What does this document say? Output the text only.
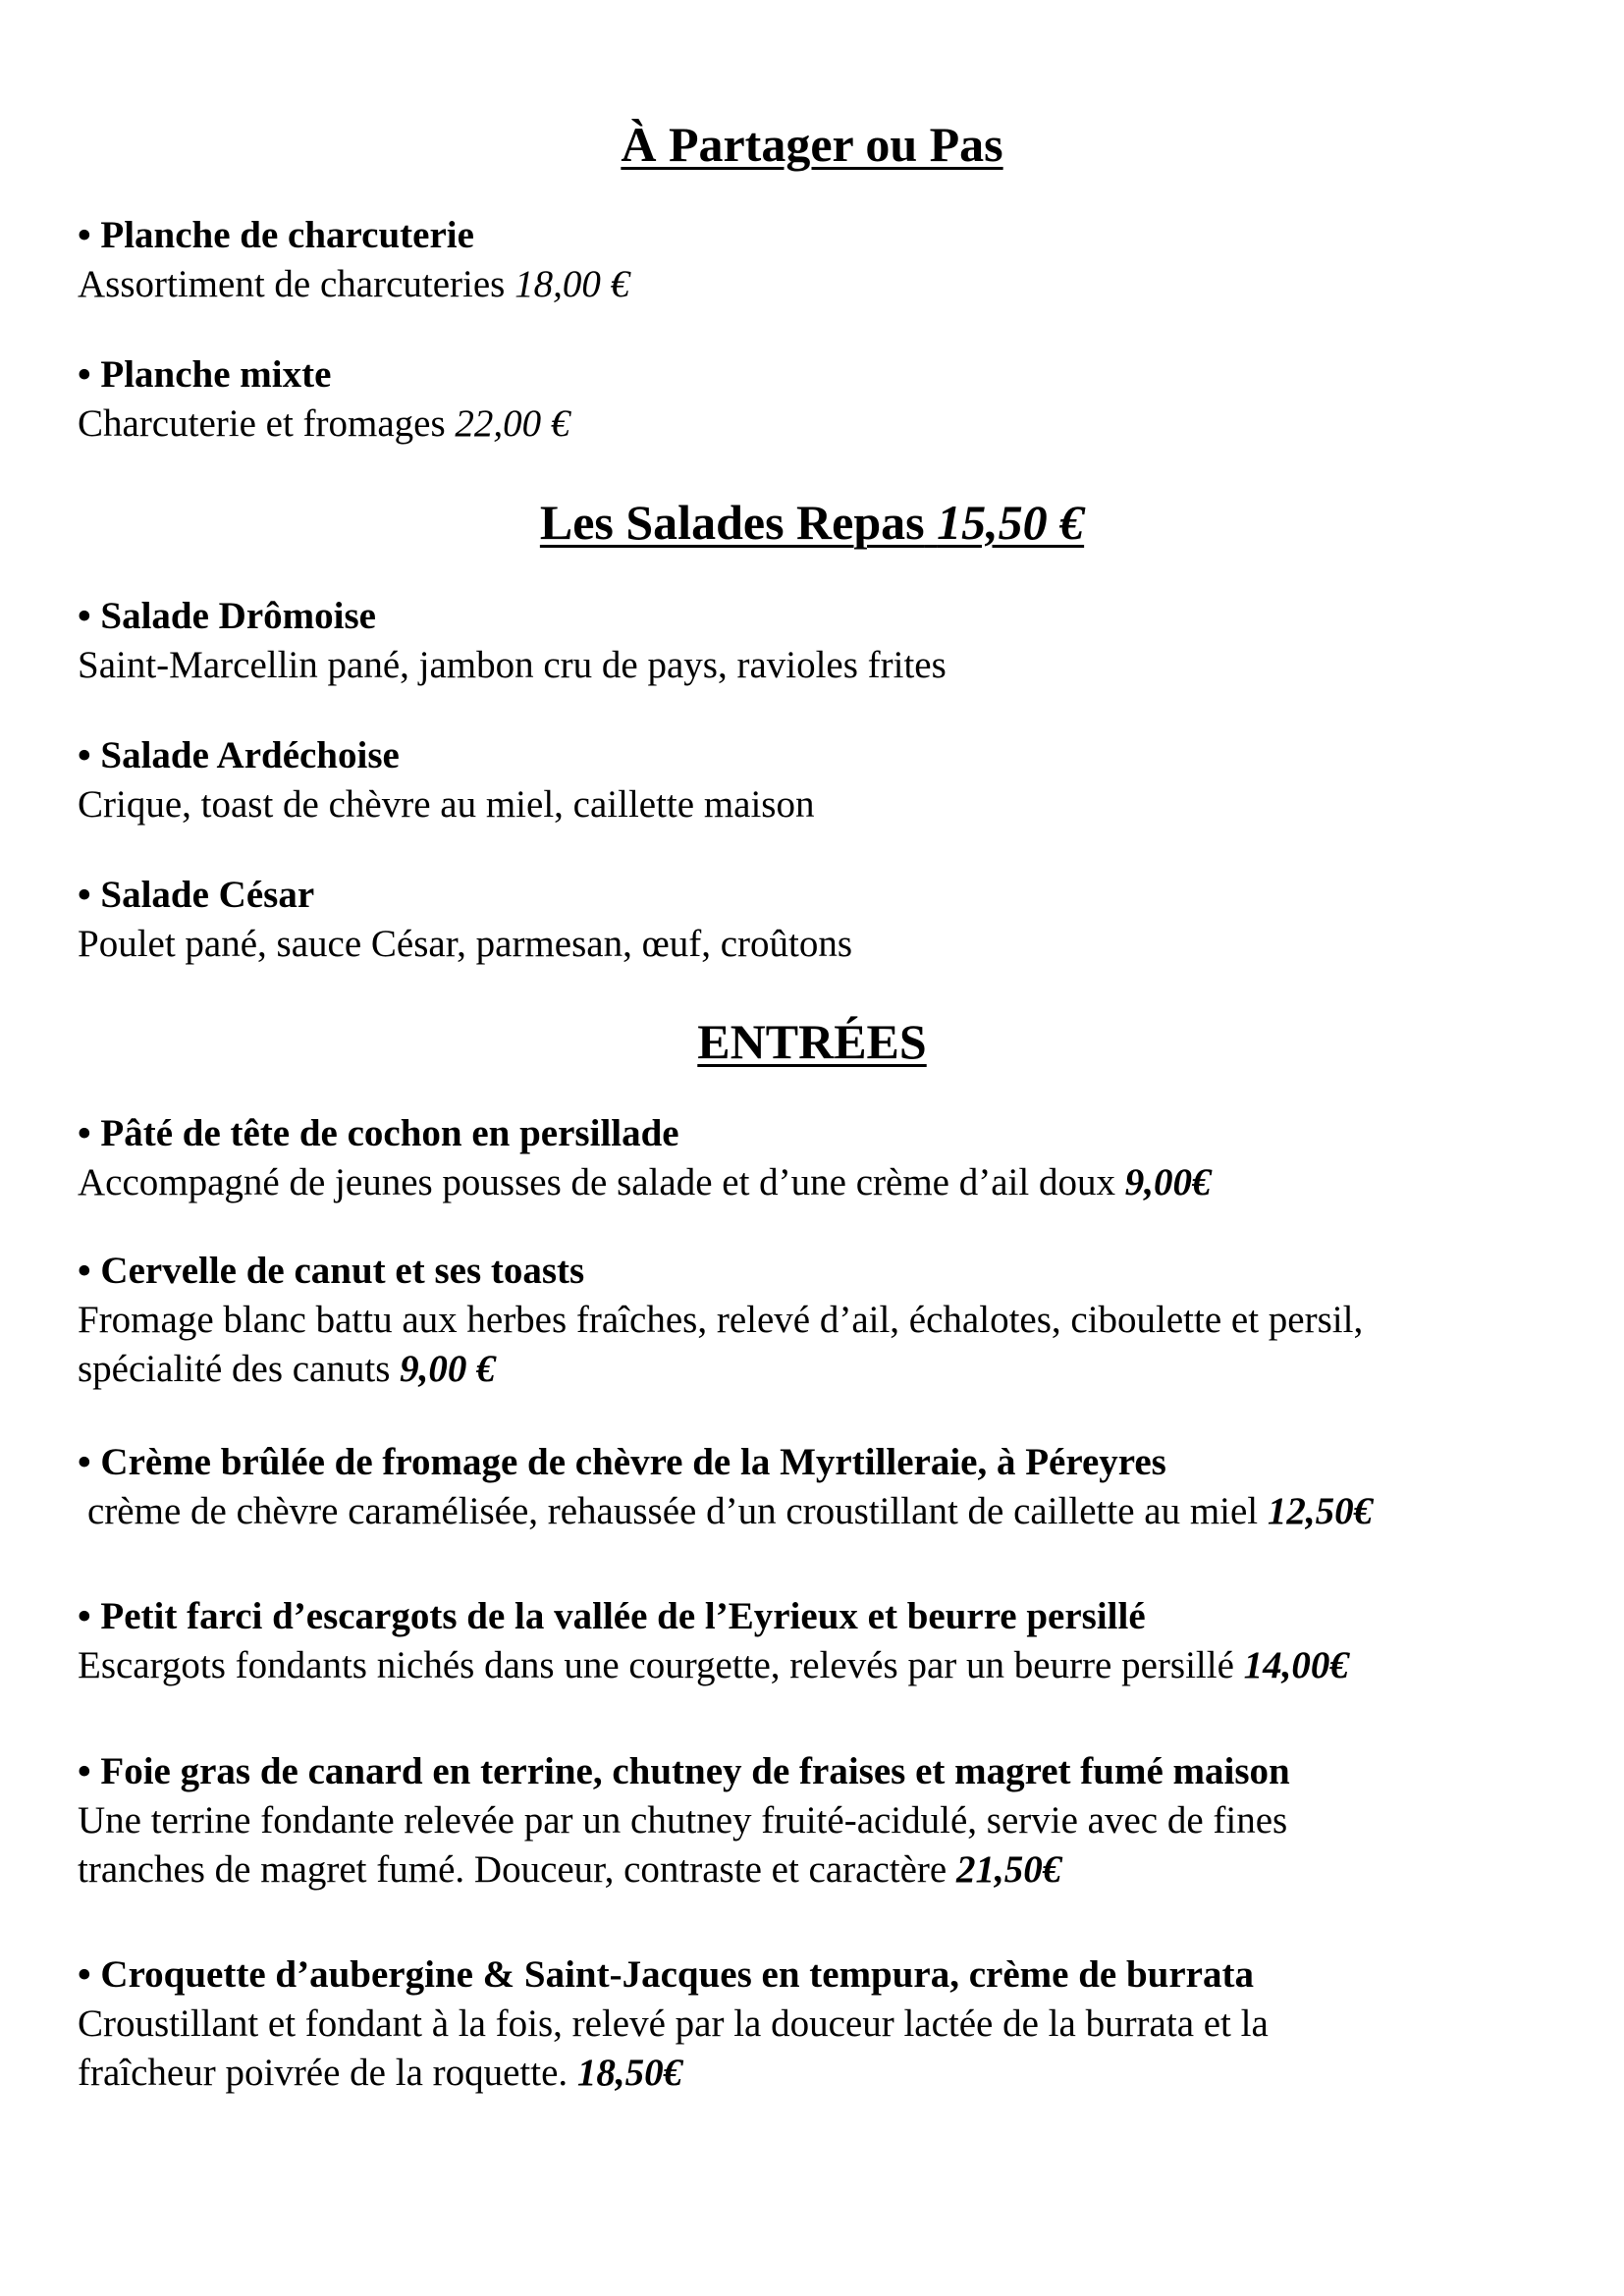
À Partager ou Pas
• Planche de charcuterie
Assortiment de charcuteries 18,00 €
• Planche mixte
Charcuterie et fromages 22,00 €
Les Salades Repas 15,50 €
• Salade Drômoise
Saint-Marcellin pané, jambon cru de pays, ravioles frites
• Salade Ardéchoise
Crique, toast de chèvre au miel, caillette maison
• Salade César
Poulet pané, sauce César, parmesan, œuf, croûtons
ENTRÉES
• Pâté de tête de cochon en persillade
Accompagné de jeunes pousses de salade et d’une crème d’ail doux 9,00€
• Cervelle de canut et ses toasts
Fromage blanc battu aux herbes fraîches, relevé d’ail, échalotes, ciboulette et persil,
spécialité des canuts 9,00 €
• Crème brûlée de fromage de chèvre de la Myrtilleraie, à Péreyres
crème de chèvre caramélisée, rehaussée d’un croustillant de caillette au miel 12,50€
• Petit farci d’escargots de la vallée de l’Eyrieux et beurre persillé
Escargots fondants nichés dans une courgette, relevés par un beurre persillé 14,00€
• Foie gras de canard en terrine, chutney de fraises et magret fumé maison
Une terrine fondante relevée par un chutney fruité-acidulé, servie avec de fines
tranches de magret fumé. Douceur, contraste et caractère 21,50€
• Croquette d’aubergine & Saint-Jacques en tempura, crème de burrata
Croustillant et fondant à la fois, relevé par la douceur lactée de la burrata et la
fraîcheur poivrée de la roquette. 18,50€
